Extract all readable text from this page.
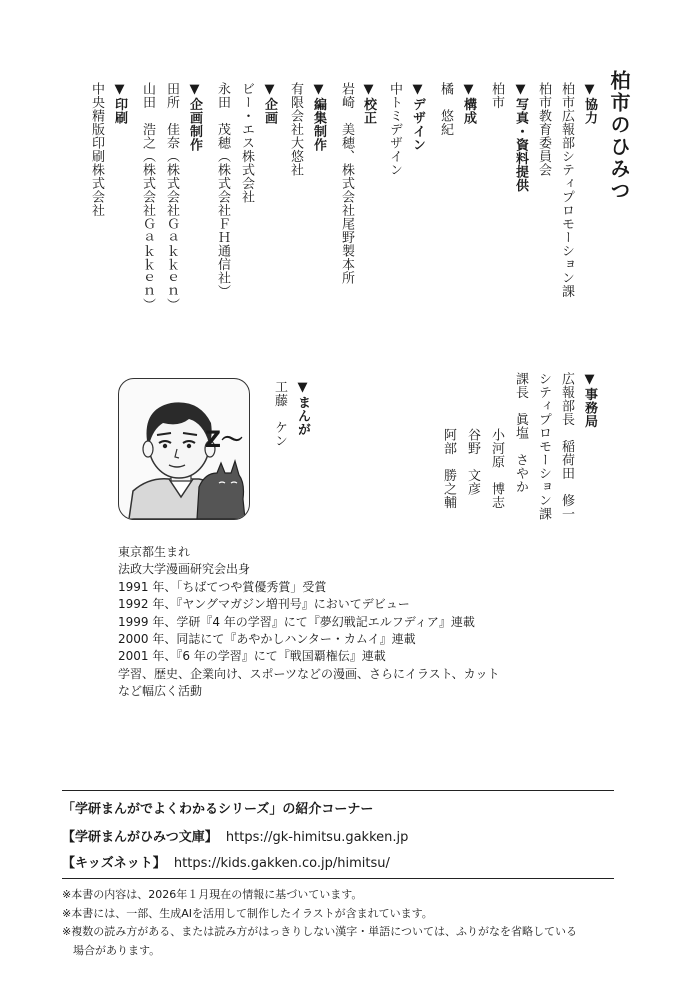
柏市のひみつ
▼協力
柏市広報部シティプロモーション課
柏市教育委員会
▼写真・資料提供
柏市
▼構成
橘　悠紀
▼デザイン
中トミデザイン
▼校正
岩崎　美穂、株式会社尾野製本所
▼編集制作
有限会社大悠社
▼企画
ビー・エス株式会社
永田　茂穂（株式会社ＦＨ通信社）
▼企画制作
田所　佳奈（株式会社Ｇａｋｋｅｎ）
山田　浩之（株式会社Ｇａｋｋｅｎ）
▼印刷
中央精版印刷株式会社
▼事務局
広報部長　稲荷田　修一
シティプロモーション課
課長　眞塩　さやか
小河原　博志
谷野　文彦
阿部　勝之輔
▼まんが
工藤　ケン
Z～
東京都生まれ
法政大学漫画研究会出身
1991 年、「ちばてつや賞優秀賞」受賞
1992 年、『ヤングマガジン増刊号』においてデビュー
1999 年、学研『4 年の学習』にて『夢幻戦記エルフディア』連載
2000 年、同誌にて『あやかしハンター・カムイ』連載
2001 年、『6 年の学習』にて『戦国覇権伝』連載
学習、歴史、企業向け、スポーツなどの漫画、さらにイラスト、カット
など幅広く活動
「学研まんがでよくわかるシリーズ」の紹介コーナー
【学研まんがひみつ文庫】 https://gk-himitsu.gakken.jp
【キッズネット】 https://kids.gakken.co.jp/himitsu/
※本書の内容は、2026年１月現在の情報に基づいています。
※本書には、一部、生成AIを活用して制作したイラストが含まれています。
※複数の読み方がある、または読み方がはっきりしない漢字・単語については、ふりがなを省略している
　場合があります。
